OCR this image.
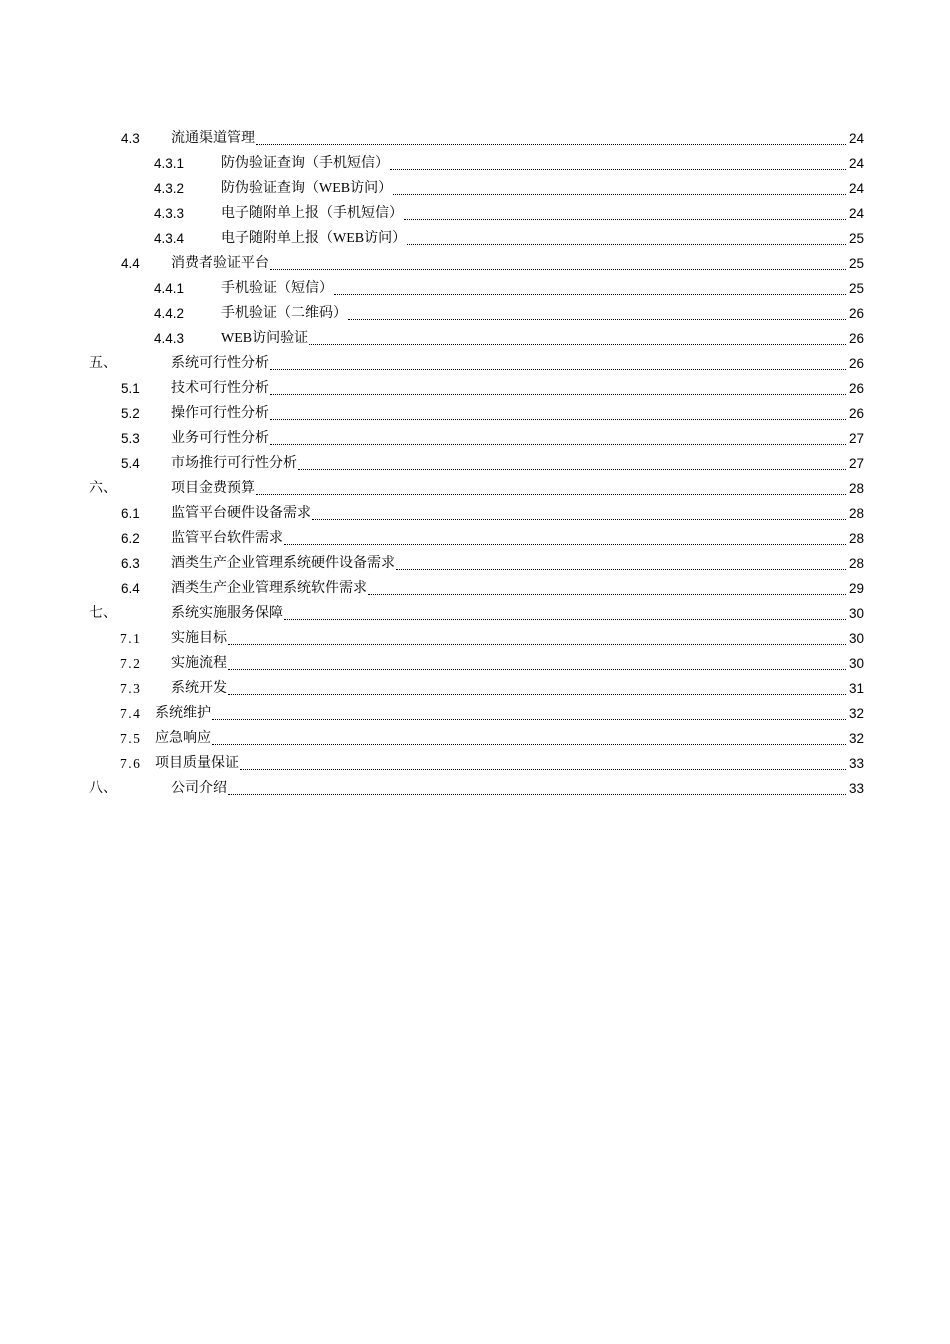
4.3 流通渠道管理	24
4.3.1	防伪验证查询（手机短信）	24
4.3.2	防伪验证查询（WEB访问）	24
4.3.3	电子随附单上报（手机短信）	24
4.3.4	电子随附单上报（WEB访问）	25
4.4 消费者验证平台	25
4.4.1	手机验证（短信）	25
4.4.2	手机验证（二维码）	26
4.4.3	WEB访问验证	26
五、	系统可行性分析	26
5.1 技术可行性分析	26
5.2 操作可行性分析	26
5.3 业务可行性分析	27
5.4 市场推行可行性分析	27
六、	项目金费预算	28
6.1 监管平台硬件设备需求	28
6.2 监管平台软件需求	28
6.3 酒类生产企业管理系统硬件设备需求	28
6.4 酒类生产企业管理系统软件需求	29
七、	系统实施服务保障	30
7.1 实施目标	30
7.2 实施流程	30
7.3 系统开发	31
7.4 系统维护	32
7.5 应急响应	32
7.6 项目质量保证	33
八、	公司介绍	33
